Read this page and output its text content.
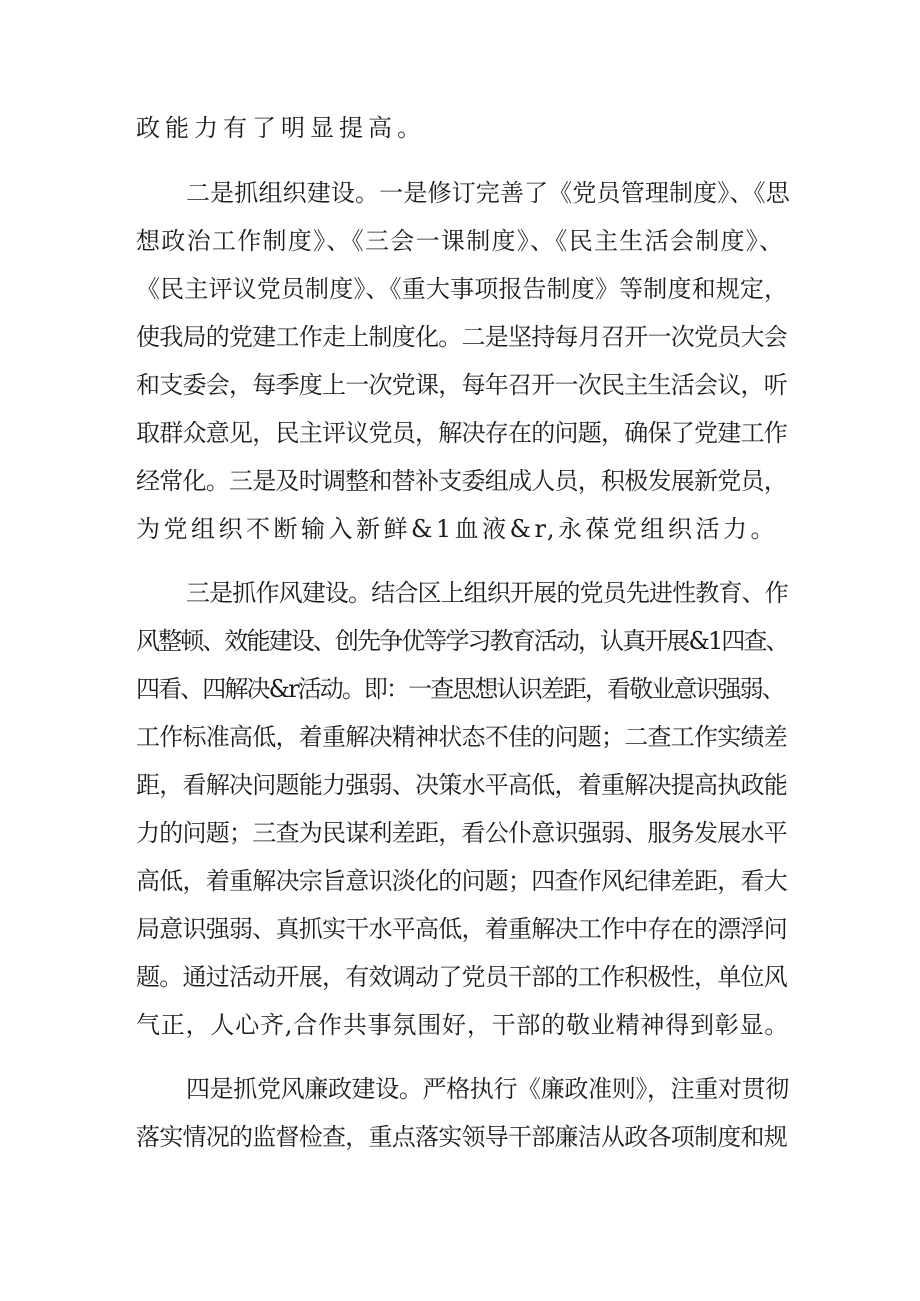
政能力有了明显提高。

二是抓组织建设。一是修订完善了《党员管理制度》、《思

想政治工作制度》、《三会一课制度》、《民主生活会制度》、

《民主评议党员制度》、《重大事项报告制度》等制度和规定，

使我局的党建工作走上制度化。二是坚持每月召开一次党员大会

和支委会，每季度上一次党课，每年召开一次民主生活会议，听

取群众意见，民主评议党员，解决存在的问题，确保了党建工作

经常化。三是及时调整和替补支委组成人员，积极发展新党员，

为党组织不断输入新鲜&1血液&r,永葆党组织活力。

三是抓作风建设。结合区上组织开展的党员先进性教育、作

风整顿、效能建设、创先争优等学习教育活动，认真开展&1四查、

四看、四解决&r活动。即：一查思想认识差距，看敬业意识强弱、

工作标准高低，着重解决精神状态不佳的问题；二查工作实绩差

距，看解决问题能力强弱、决策水平高低，着重解决提高执政能

力的问题；三查为民谋利差距，看公仆意识强弱、服务发展水平

高低，着重解决宗旨意识淡化的问题；四查作风纪律差距，看大

局意识强弱、真抓实干水平高低，着重解决工作中存在的漂浮问

题。通过活动开展，有效调动了党员干部的工作积极性，单位风

气正，人心齐,合作共事氛围好，干部的敬业精神得到彰显。

四是抓党风廉政建设。严格执行《廉政准则》，注重对贯彻

落实情况的监督检查，重点落实领导干部廉洁从政各项制度和规
